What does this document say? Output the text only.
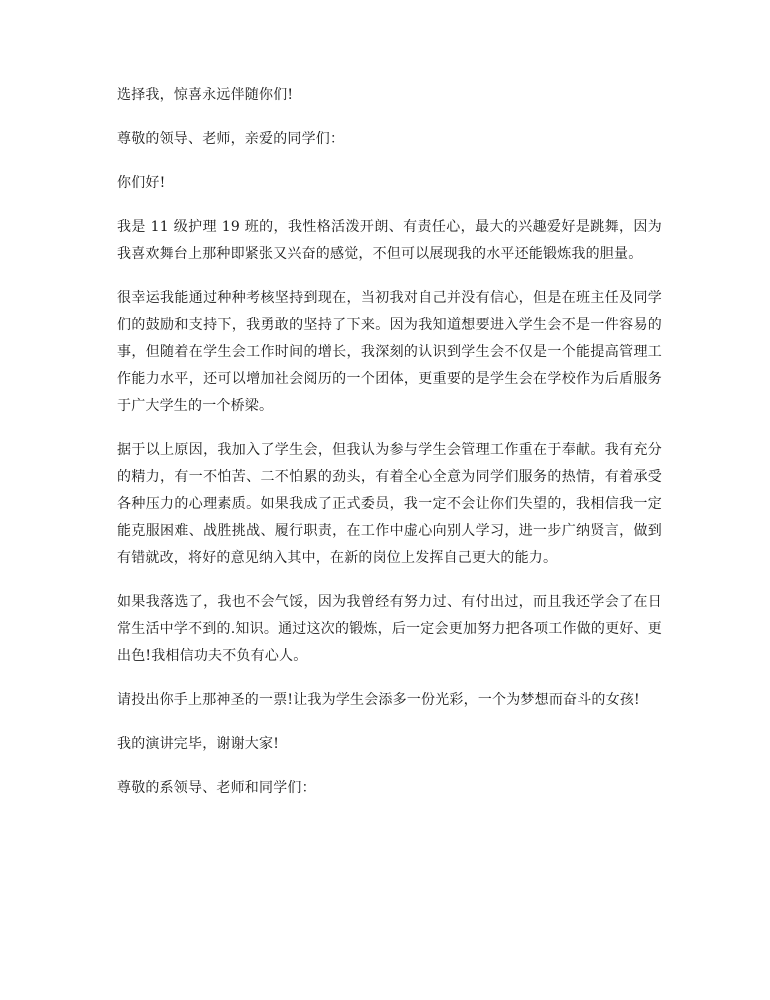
选择我，惊喜永远伴随你们!

尊敬的领导、老师，亲爱的同学们：

你们好!

我是 11 级护理 19 班的，我性格活泼开朗、有责任心，最大的兴趣爱好是跳舞，因为我喜欢舞台上那种即紧张又兴奋的感觉，不但可以展现我的水平还能锻炼我的胆量。

很幸运我能通过种种考核坚持到现在，当初我对自己并没有信心，但是在班主任及同学们的鼓励和支持下，我勇敢的坚持了下来。因为我知道想要进入学生会不是一件容易的事，但随着在学生会工作时间的增长，我深刻的认识到学生会不仅是一个能提高管理工作能力水平，还可以增加社会阅历的一个团体，更重要的是学生会在学校作为后盾服务于广大学生的一个桥梁。

据于以上原因，我加入了学生会，但我认为参与学生会管理工作重在于奉献。我有充分的精力，有一不怕苦、二不怕累的劲头，有着全心全意为同学们服务的热情，有着承受各种压力的心理素质。如果我成了正式委员，我一定不会让你们失望的，我相信我一定能克服困难、战胜挑战、履行职责，在工作中虚心向别人学习，进一步广纳贤言，做到有错就改，将好的意见纳入其中，在新的岗位上发挥自己更大的能力。

如果我落选了，我也不会气馁，因为我曾经有努力过、有付出过，而且我还学会了在日常生活中学不到的.知识。通过这次的锻炼，后一定会更加努力把各项工作做的更好、更出色!我相信功夫不负有心人。

请投出你手上那神圣的一票!让我为学生会添多一份光彩，一个为梦想而奋斗的女孩!

我的演讲完毕，谢谢大家!

尊敬的系领导、老师和同学们：
